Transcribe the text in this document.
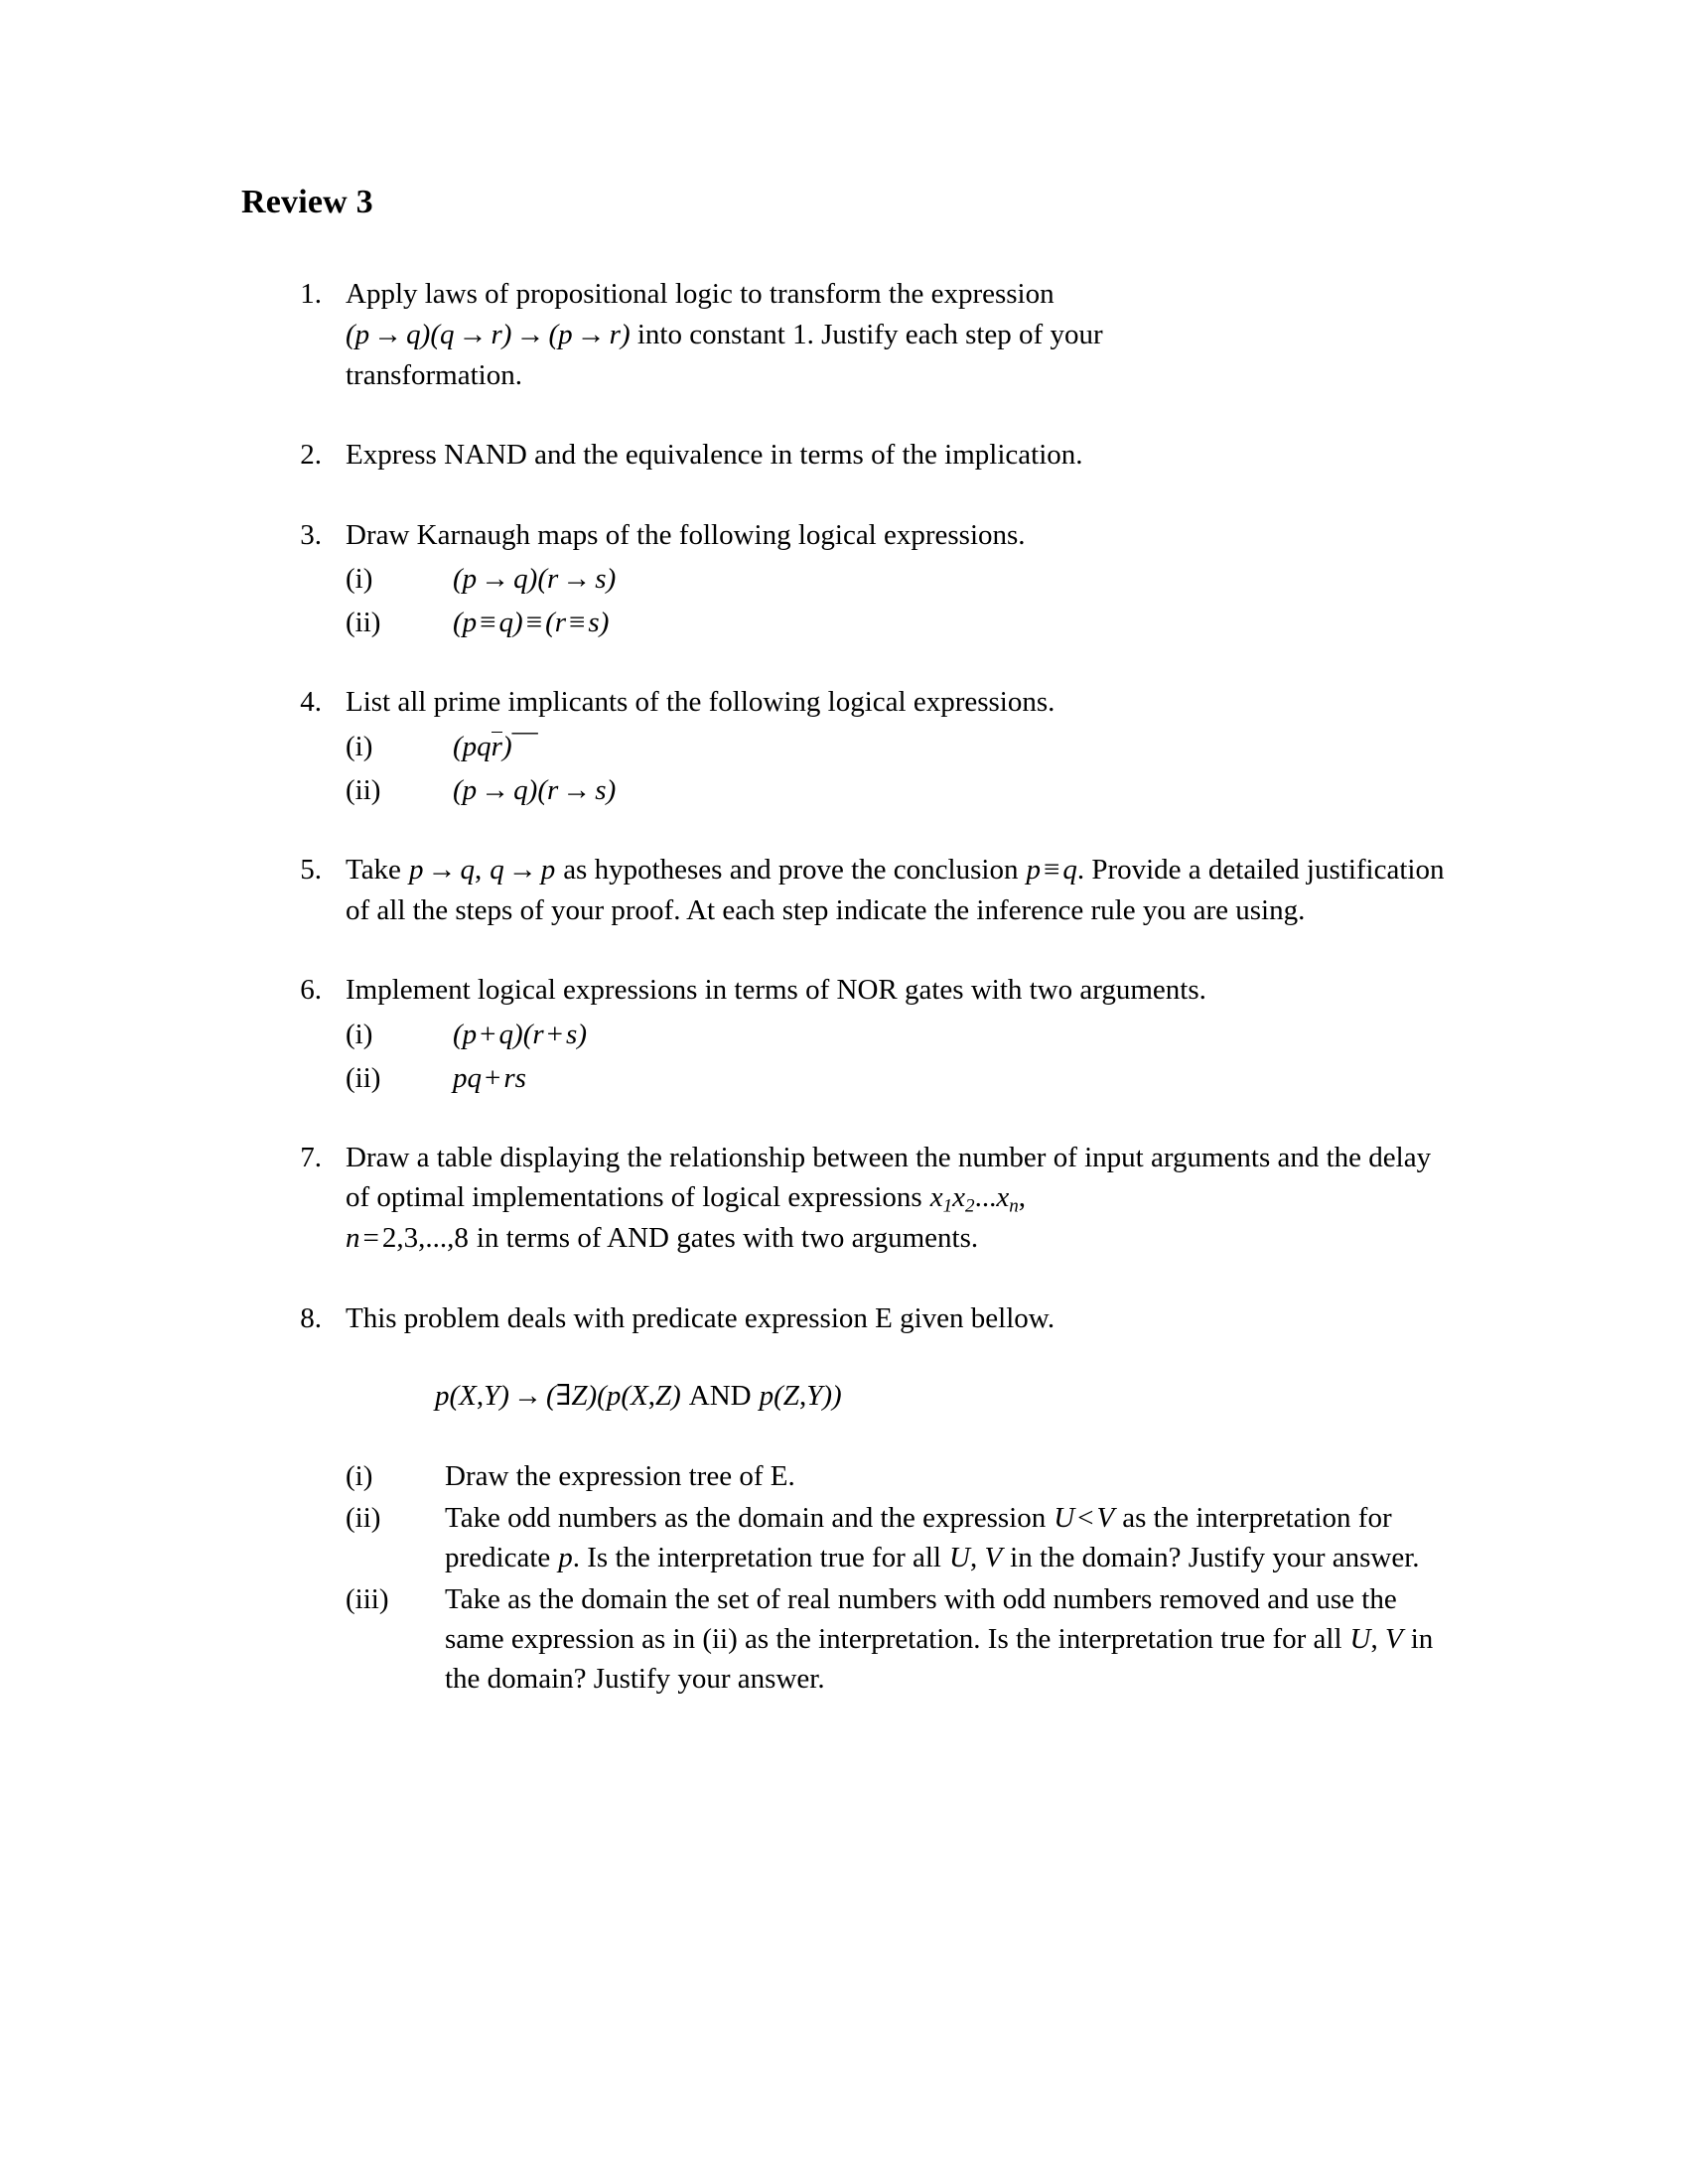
Review 3
1. Apply laws of propositional logic to transform the expression
(p → q)(q → r) → (p → r) into constant 1. Justify each step of your
transformation.
2. Express NAND and the equivalence in terms of the implication.
3. Draw Karnaugh maps of the following logical expressions.
(i)	(p → q)(r → s)
(ii)	(p ≡ q) ≡ (r ≡ s)
4. List all prime implicants of the following logical expressions.
(i)	(pqr)—
(ii)	(p → q)(r → s)
5. Take p → q, q → p as hypotheses and prove the conclusion p ≡ q. Provide a detailed justification of all the steps of your proof. At each step indicate the inference rule you are using.
6. Implement logical expressions in terms of NOR gates with two arguments.
(i)	(p + q)(r + s)
(ii)	pq + rs
7. Draw a table displaying the relationship between the number of input arguments and the delay of optimal implementations of logical expressions $x_1x_2...x_n$,
n = 2,3,...,8 in terms of AND gates with two arguments.
8. This problem deals with predicate expression E given bellow.
p(X,Y) → (∃Z)(p(X,Z) AND p(Z,Y))
(i)	Draw the expression tree of E.
(ii)	Take odd numbers as the domain and the expression U < V as the interpretation for predicate p. Is the interpretation true for all U, V in the domain? Justify your answer.
(iii)	Take as the domain the set of real numbers with odd numbers removed and use the same expression as in (ii) as the interpretation. Is the interpretation true for all U, V in the domain? Justify your answer.
